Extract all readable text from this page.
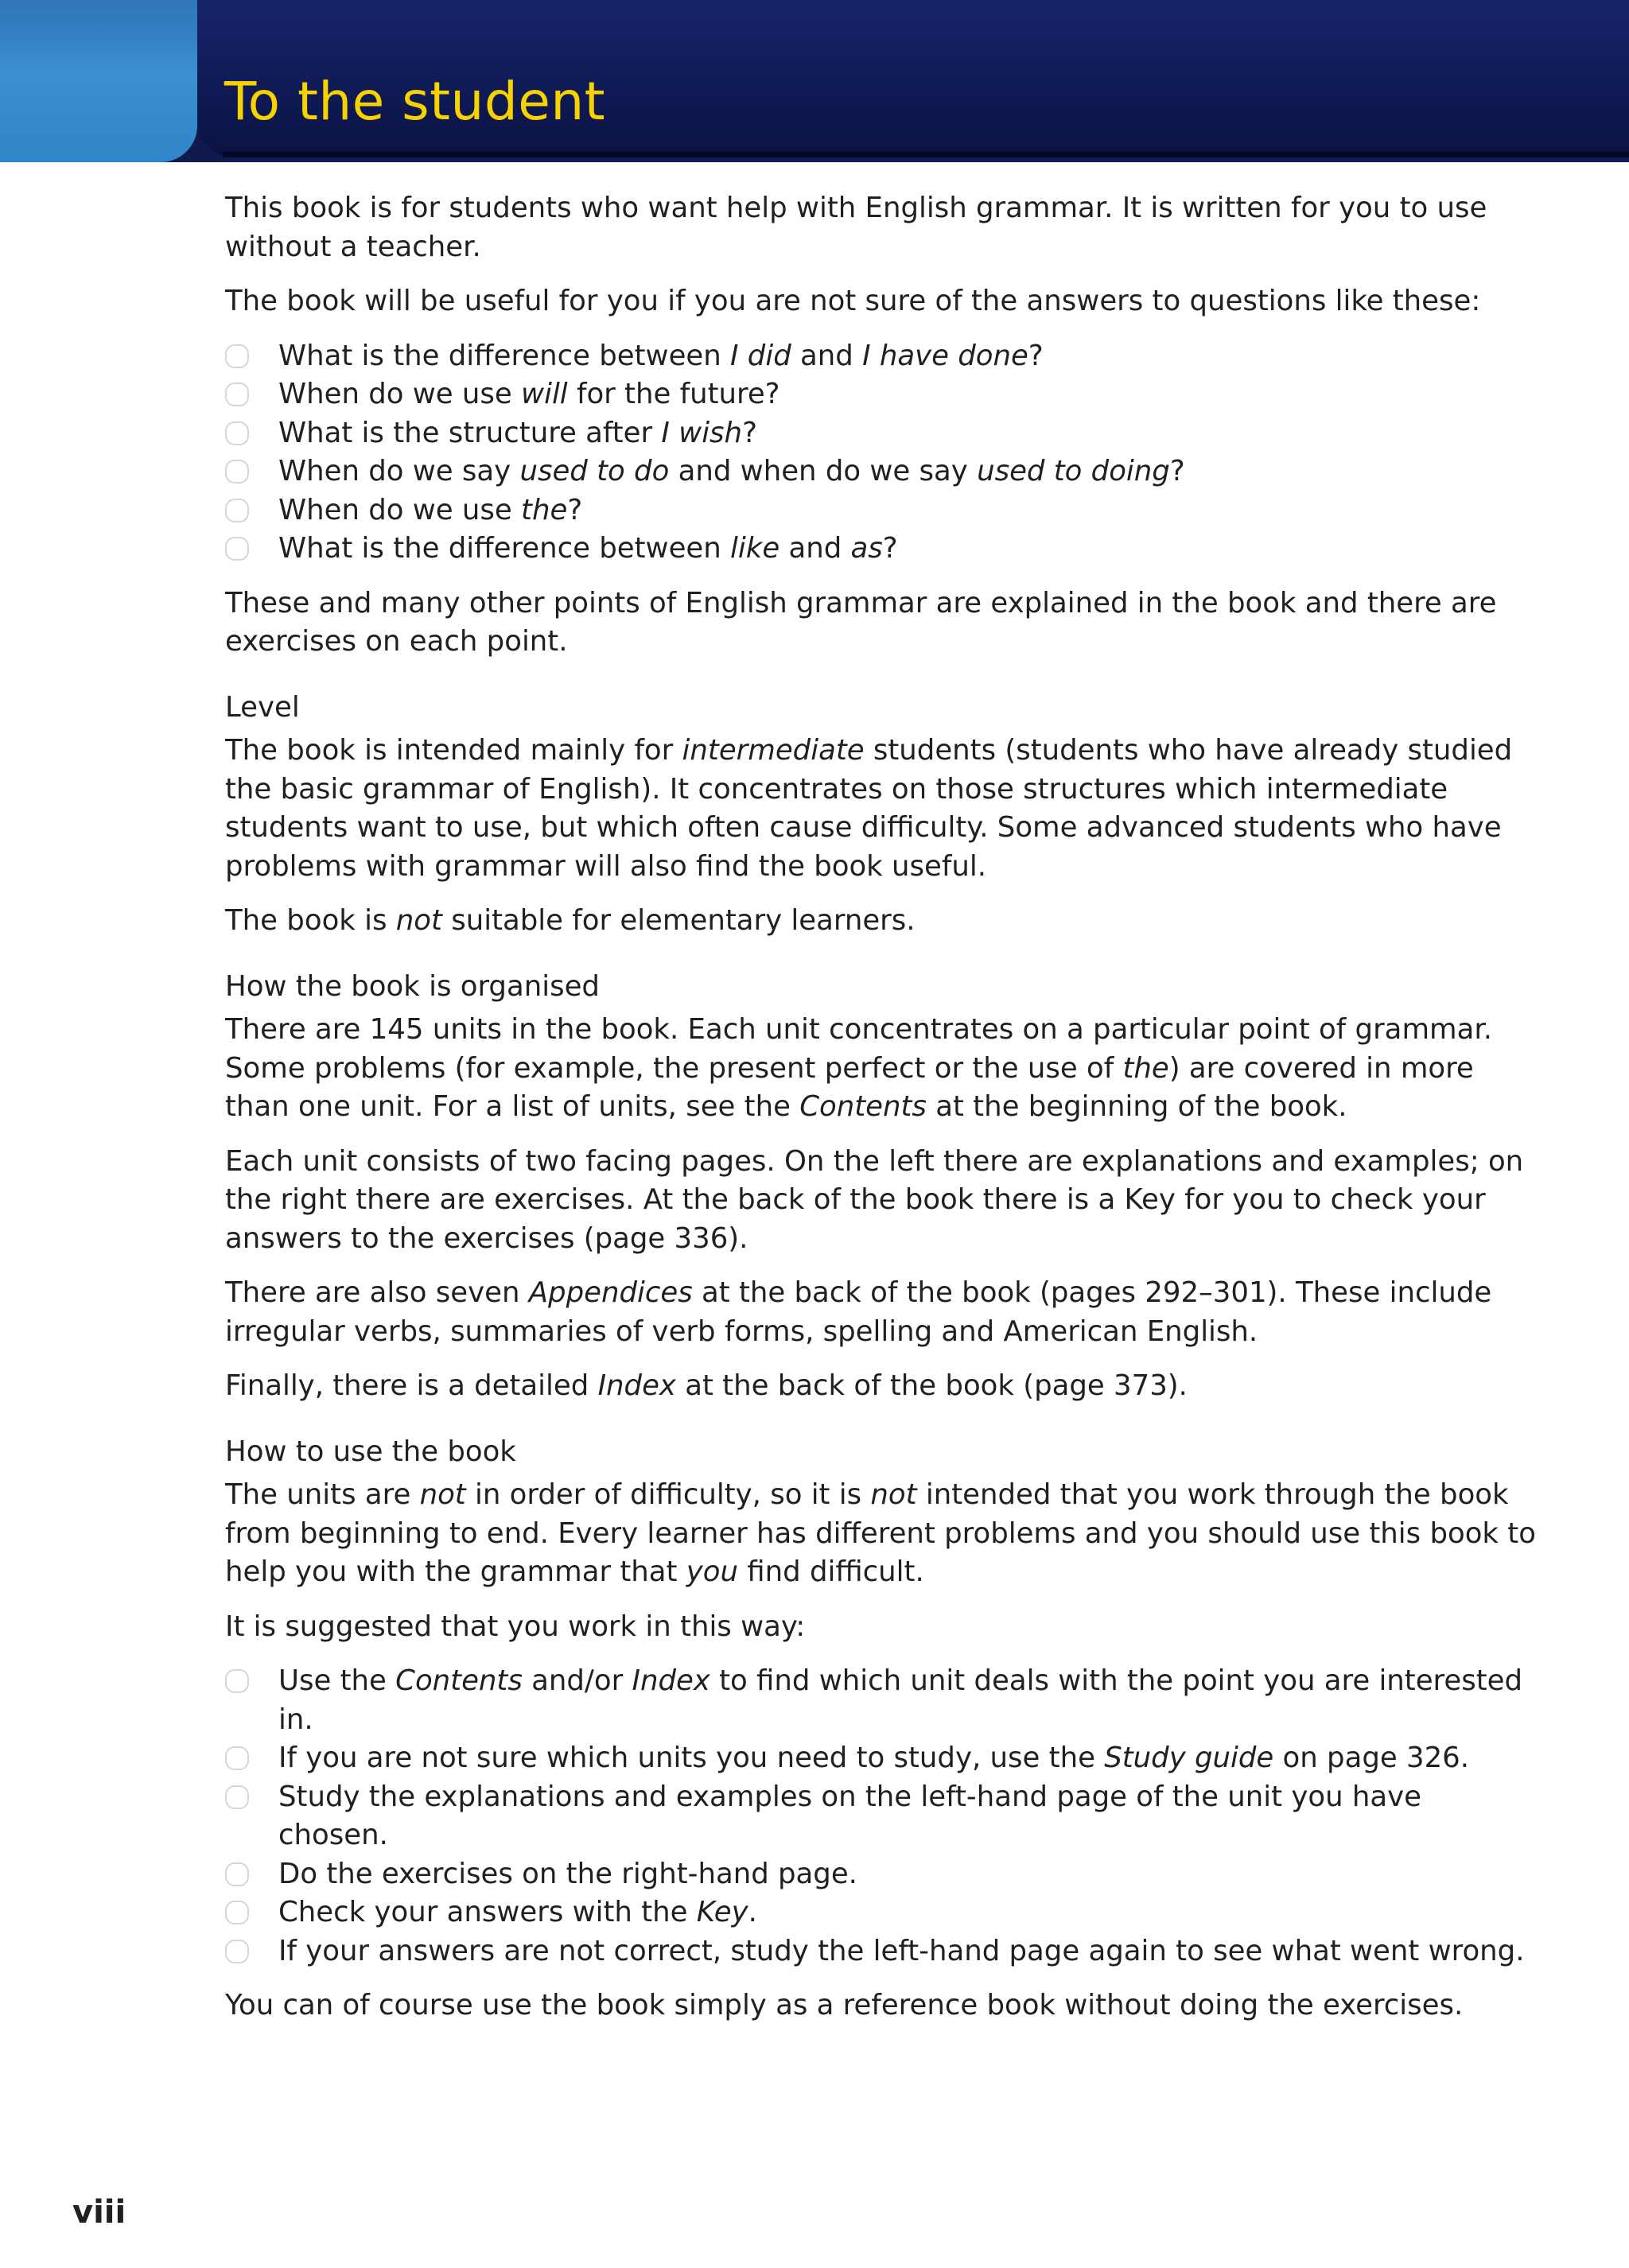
To the student

This book is for students who want help with English grammar. It is written for you to use without a teacher.

The book will be useful for you if you are not sure of the answers to questions like these:

What is the difference between I did and I have done?
When do we use will for the future?
What is the structure after I wish?
When do we say used to do and when do we say used to doing?
When do we use the?
What is the difference between like and as?

These and many other points of English grammar are explained in the book and there are exercises on each point.

Level

The book is intended mainly for intermediate students (students who have already studied the basic grammar of English). It concentrates on those structures which intermediate students want to use, but which often cause difficulty. Some advanced students who have problems with grammar will also find the book useful.

The book is not suitable for elementary learners.

How the book is organised

There are 145 units in the book. Each unit concentrates on a particular point of grammar. Some problems (for example, the present perfect or the use of the) are covered in more than one unit. For a list of units, see the Contents at the beginning of the book.

Each unit consists of two facing pages. On the left there are explanations and examples; on the right there are exercises. At the back of the book there is a Key for you to check your answers to the exercises (page 336).

There are also seven Appendices at the back of the book (pages 292–301). These include irregular verbs, summaries of verb forms, spelling and American English.

Finally, there is a detailed Index at the back of the book (page 373).

How to use the book

The units are not in order of difficulty, so it is not intended that you work through the book from beginning to end. Every learner has different problems and you should use this book to help you with the grammar that you find difficult.

It is suggested that you work in this way:

Use the Contents and/or Index to find which unit deals with the point you are interested in.
If you are not sure which units you need to study, use the Study guide on page 326.
Study the explanations and examples on the left-hand page of the unit you have chosen.
Do the exercises on the right-hand page.
Check your answers with the Key.
If your answers are not correct, study the left-hand page again to see what went wrong.

You can of course use the book simply as a reference book without doing the exercises.

viii
